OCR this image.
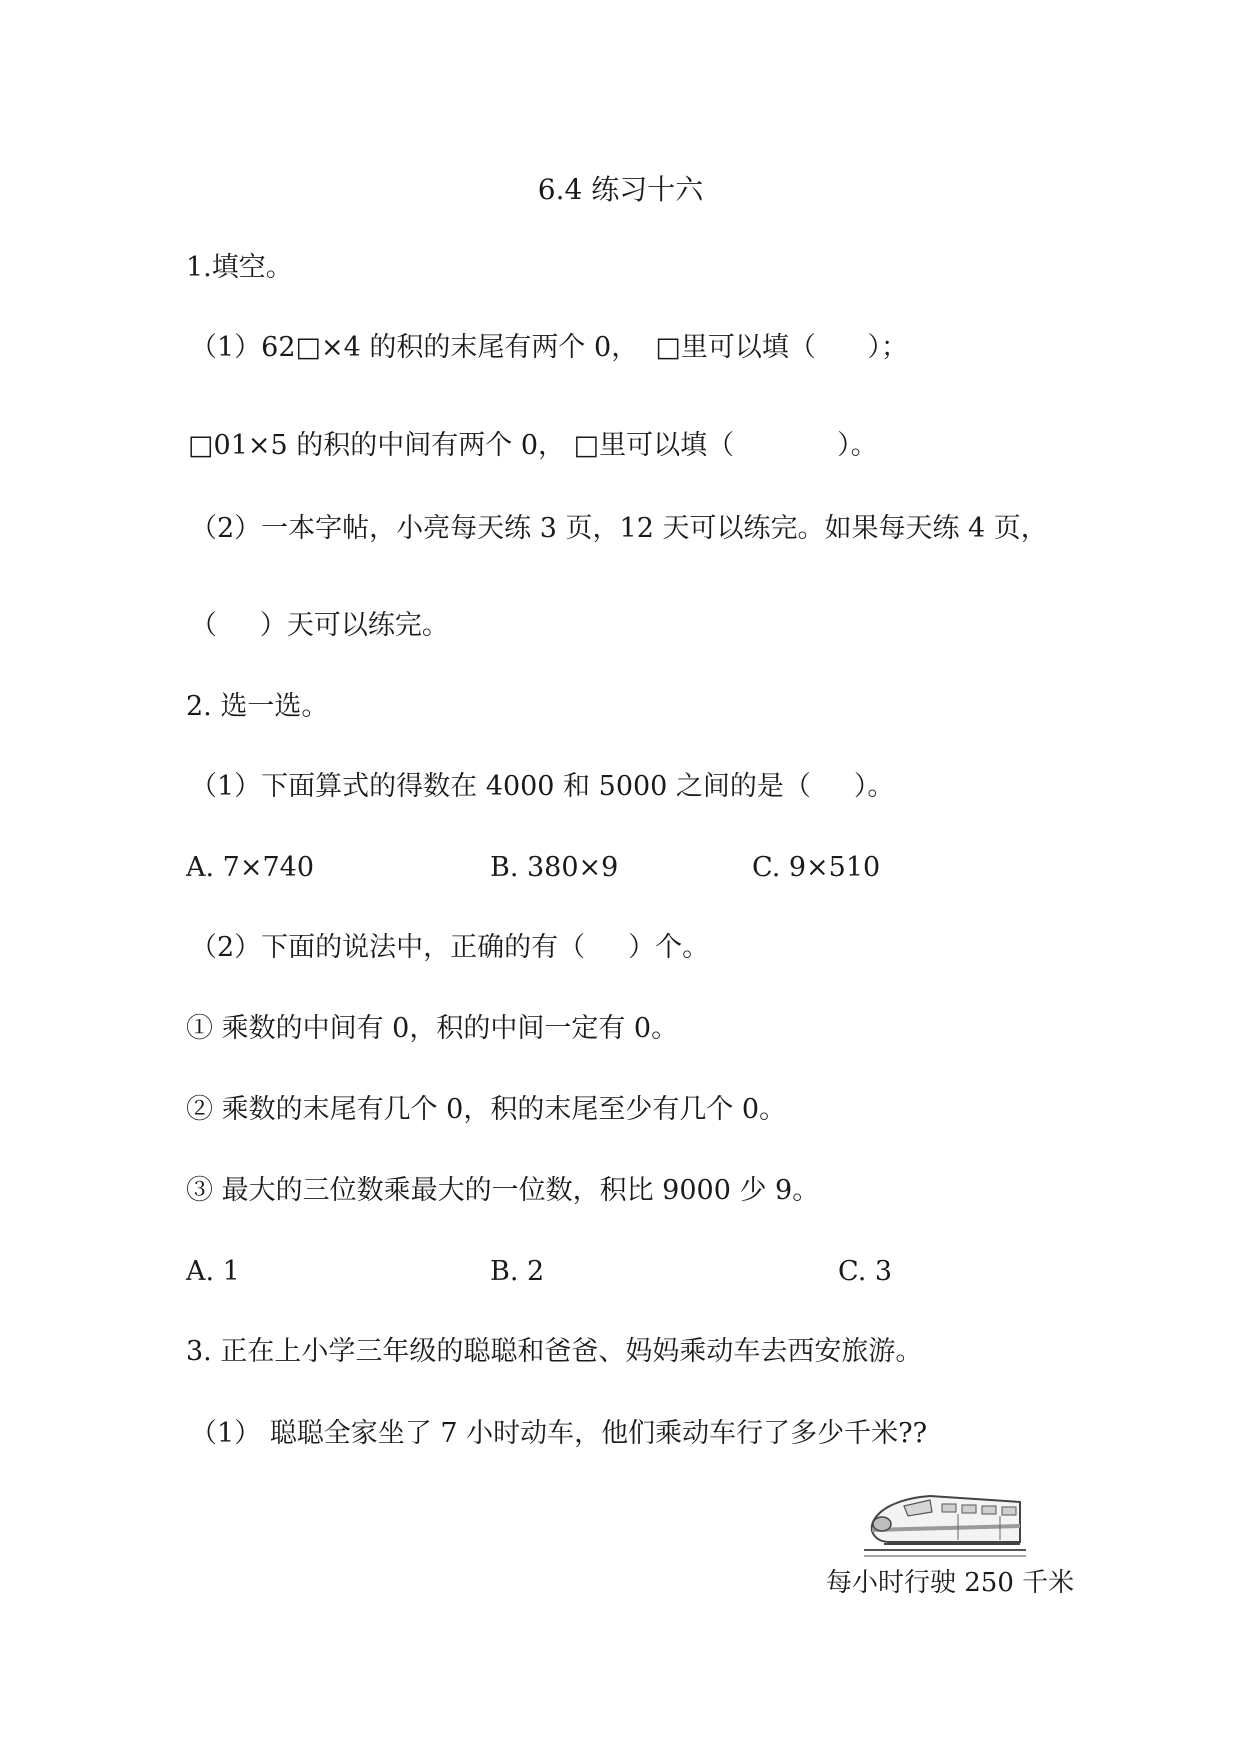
6.4 练习十六
1.填空。
（1）62□×4 的积的末尾有两个 0，  □里可以填（      ）；
□01×5 的积的中间有两个 0， □里可以填（            ）。
（2）一本字帖，小亮每天练 3 页，12 天可以练完。如果每天练 4 页，
（     ）天可以练完。
2. 选一选。
（1）下面算式的得数在 4000 和 5000 之间的是（     ）。
A. 7×740	B. 380×9	C. 9×510
（2）下面的说法中，正确的有（     ）个。
① 乘数的中间有 0，积的中间一定有 0。
② 乘数的末尾有几个 0，积的末尾至少有几个 0。
③ 最大的三位数乘最大的一位数，积比 9000 少 9。
A. 1	B. 2	C. 3
3. 正在上小学三年级的聪聪和爸爸、妈妈乘动车去西安旅游。
（1） 聪聪全家坐了 7 小时动车，他们乘动车行了多少千米??
每小时行驶 250 千米
